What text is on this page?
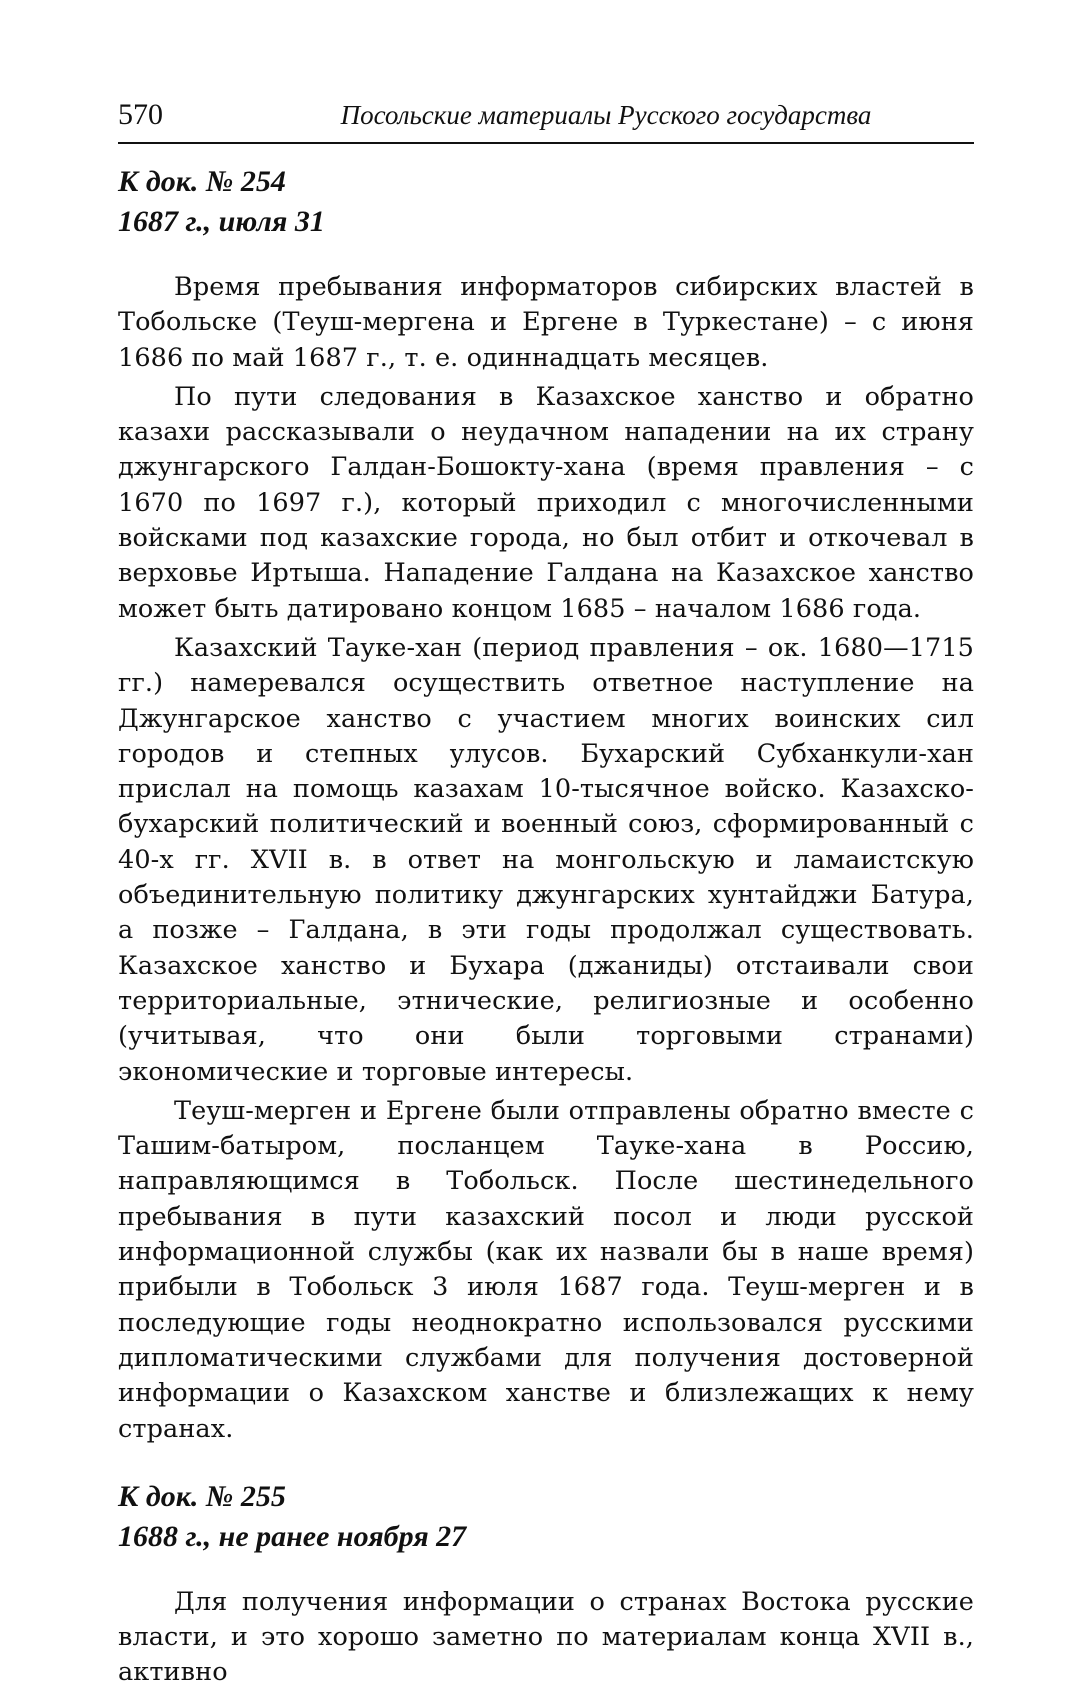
570	Посольские материалы Русского государства

К док. № 254

1687 г., июля 31

Время пребывания информаторов сибирских властей в Тобольске (Теуш-мергена и Ергене в Туркестане) – с июня 1686 по май 1687 г., т. е. одиннадцать месяцев.

По пути следования в Казахское ханство и обратно казахи рассказывали о неудачном нападении на их страну джунгарского Галдан-Бошокту-хана (время правления – с 1670 по 1697 г.), который приходил с многочисленными войсками под казахские города, но был отбит и откочевал в верховье Иртыша. Нападение Галдана на Казахское ханство может быть датировано концом 1685 – началом 1686 года.

Казахский Тауке-хан (период правления – ок. 1680—1715 гг.) намеревался осуществить ответное наступление на Джунгарское ханство с участием многих воинских сил городов и степных улусов. Бухарский Субханкули-хан прислал на помощь казахам 10-тысячное войско. Казахско-бухарский политический и военный союз, сформированный с 40-х гг. XVII в. в ответ на монгольскую и ламаистскую объединительную политику джунгарских хунтайджи Батура, а позже – Галдана, в эти годы продолжал существовать. Казахское ханство и Бухара (джаниды) отстаивали свои территориальные, этнические, религиозные и особенно (учитывая, что они были торговыми странами) экономические и торговые интересы.

Теуш-мерген и Ергене были отправлены обратно вместе с Ташим-батыром, посланцем Тауке-хана в Россию, направляющимся в Тобольск. После шестинедельного пребывания в пути казахский посол и люди русской информационной службы (как их назвали бы в наше время) прибыли в Тобольск 3 июля 1687 года. Теуш-мерген и в последующие годы неоднократно использовался русскими дипломатическими службами для получения достоверной информации о Казахском ханстве и близлежащих к нему странах.

К док. № 255

1688 г., не ранее ноября 27

Для получения информации о странах Востока русские власти, и это хорошо заметно по материалам конца XVII в., активно
